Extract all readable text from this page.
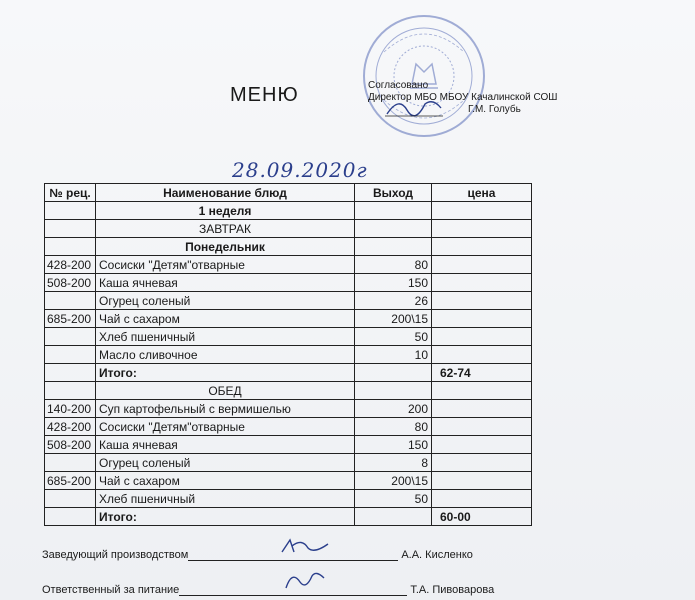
МЕНЮ	Согласовано
Директор МБО МБОУ Качалинской СОШ
Г.М. Голубь
28.09.2020г
№ рец.	Наименование блюд	Выход	цена
	1 неделя		
	ЗАВТРАК		
	Понедельник		
428-200	Сосиски "Детям"отварные	80	
508-200	Каша ячневая	150	
	Огурец соленый	26	
685-200	Чай с сахаром	200\15	
	Хлеб пшеничный	50	
	Масло сливочное	10	
	Итого:		62-74
	ОБЕД		
140-200	Суп картофельный с вермишелью	200	
428-200	Сосиски "Детям"отварные	80	
508-200	Каша ячневая	150	
	Огурец соленый	8	
685-200	Чай с сахаром	200\15	
	Хлеб пшеничный	50	
	Итого:		60-00
Заведующий производством	А.А. Кисленко
Ответственный за питание	Т.А. Пивоварова
